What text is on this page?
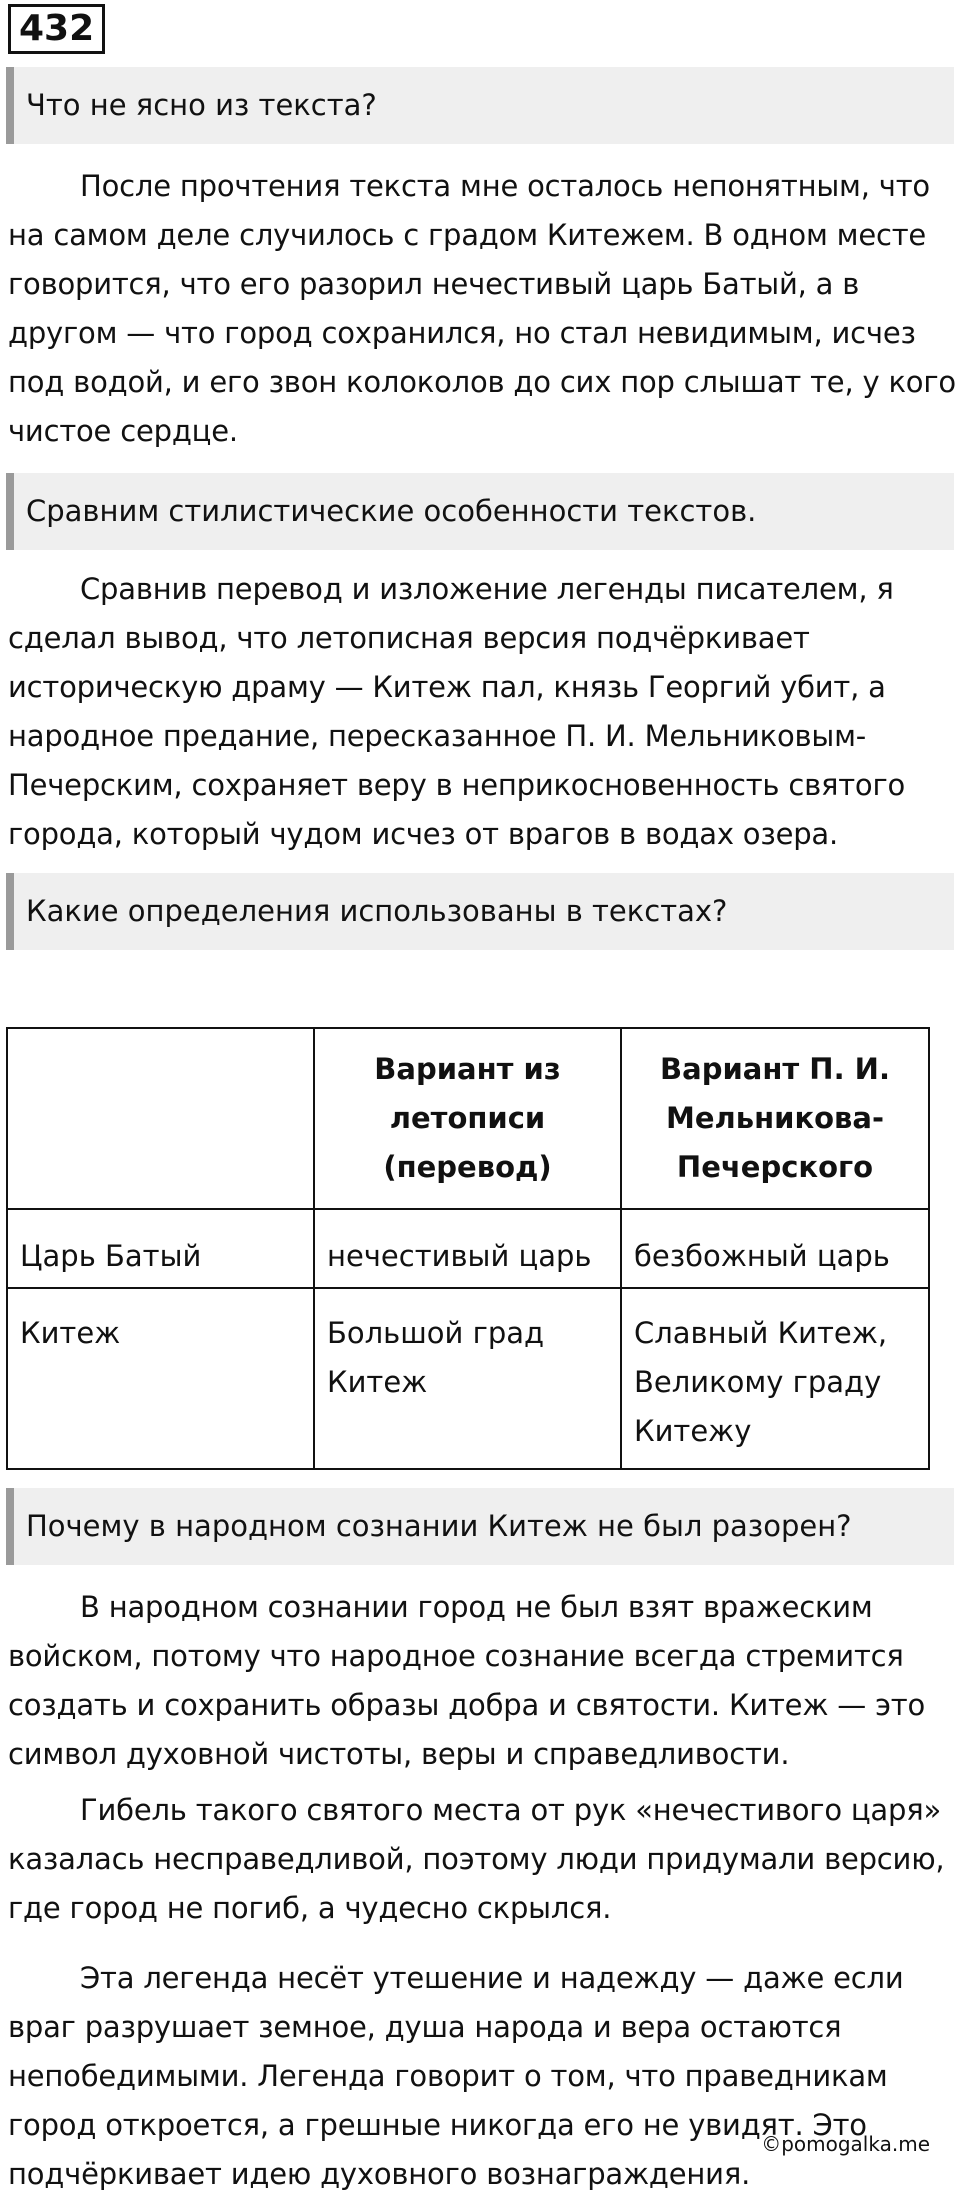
432
Что не ясно из текста?

После прочтения текста мне осталось непонятным, что на самом деле случилось с градом Китежем. В одном месте говорится, что его разорил нечестивый царь Батый, а в другом — что город сохранился, но стал невидимым, исчез под водой, и его звон колоколов до сих пор слышат те, у кого чистое сердце.

Сравним стилистические особенности текстов.

Сравнив перевод и изложение легенды писателем, я сделал вывод, что летописная версия подчёркивает историческую драму — Китеж пал, князь Георгий убит, а народное предание, пересказанное П. И. Мельниковым-Печерским, сохраняет веру в неприкосновенность святого города, который чудом исчез от врагов в водах озера.

Какие определения использованы в текстах?
	Вариант из летописи (перевод)	Вариант П. И. Мельникова-Печерского
Царь Батый	нечестивый царь	безбожный царь
Китеж	Большой град Китеж	Славный Китеж, Великому граду Китежу
Почему в народном сознании Китеж не был разорен?

В народном сознании город не был взят вражеским войском, потому что народное сознание всегда стремится создать и сохранить образы добра и святости. Китеж — это символ духовной чистоты, веры и справедливости.

Гибель такого святого места от рук «нечестивого царя» казалась несправедливой, поэтому люди придумали версию, где город не погиб, а чудесно скрылся.

Эта легенда несёт утешение и надежду — даже если враг разрушает земное, душа народа и вера остаются непобедимыми. Легенда говорит о том, что праведникам город откроется, а грешные никогда его не увидят. Это подчёркивает идею духовного вознаграждения.

©pomogalka.me
